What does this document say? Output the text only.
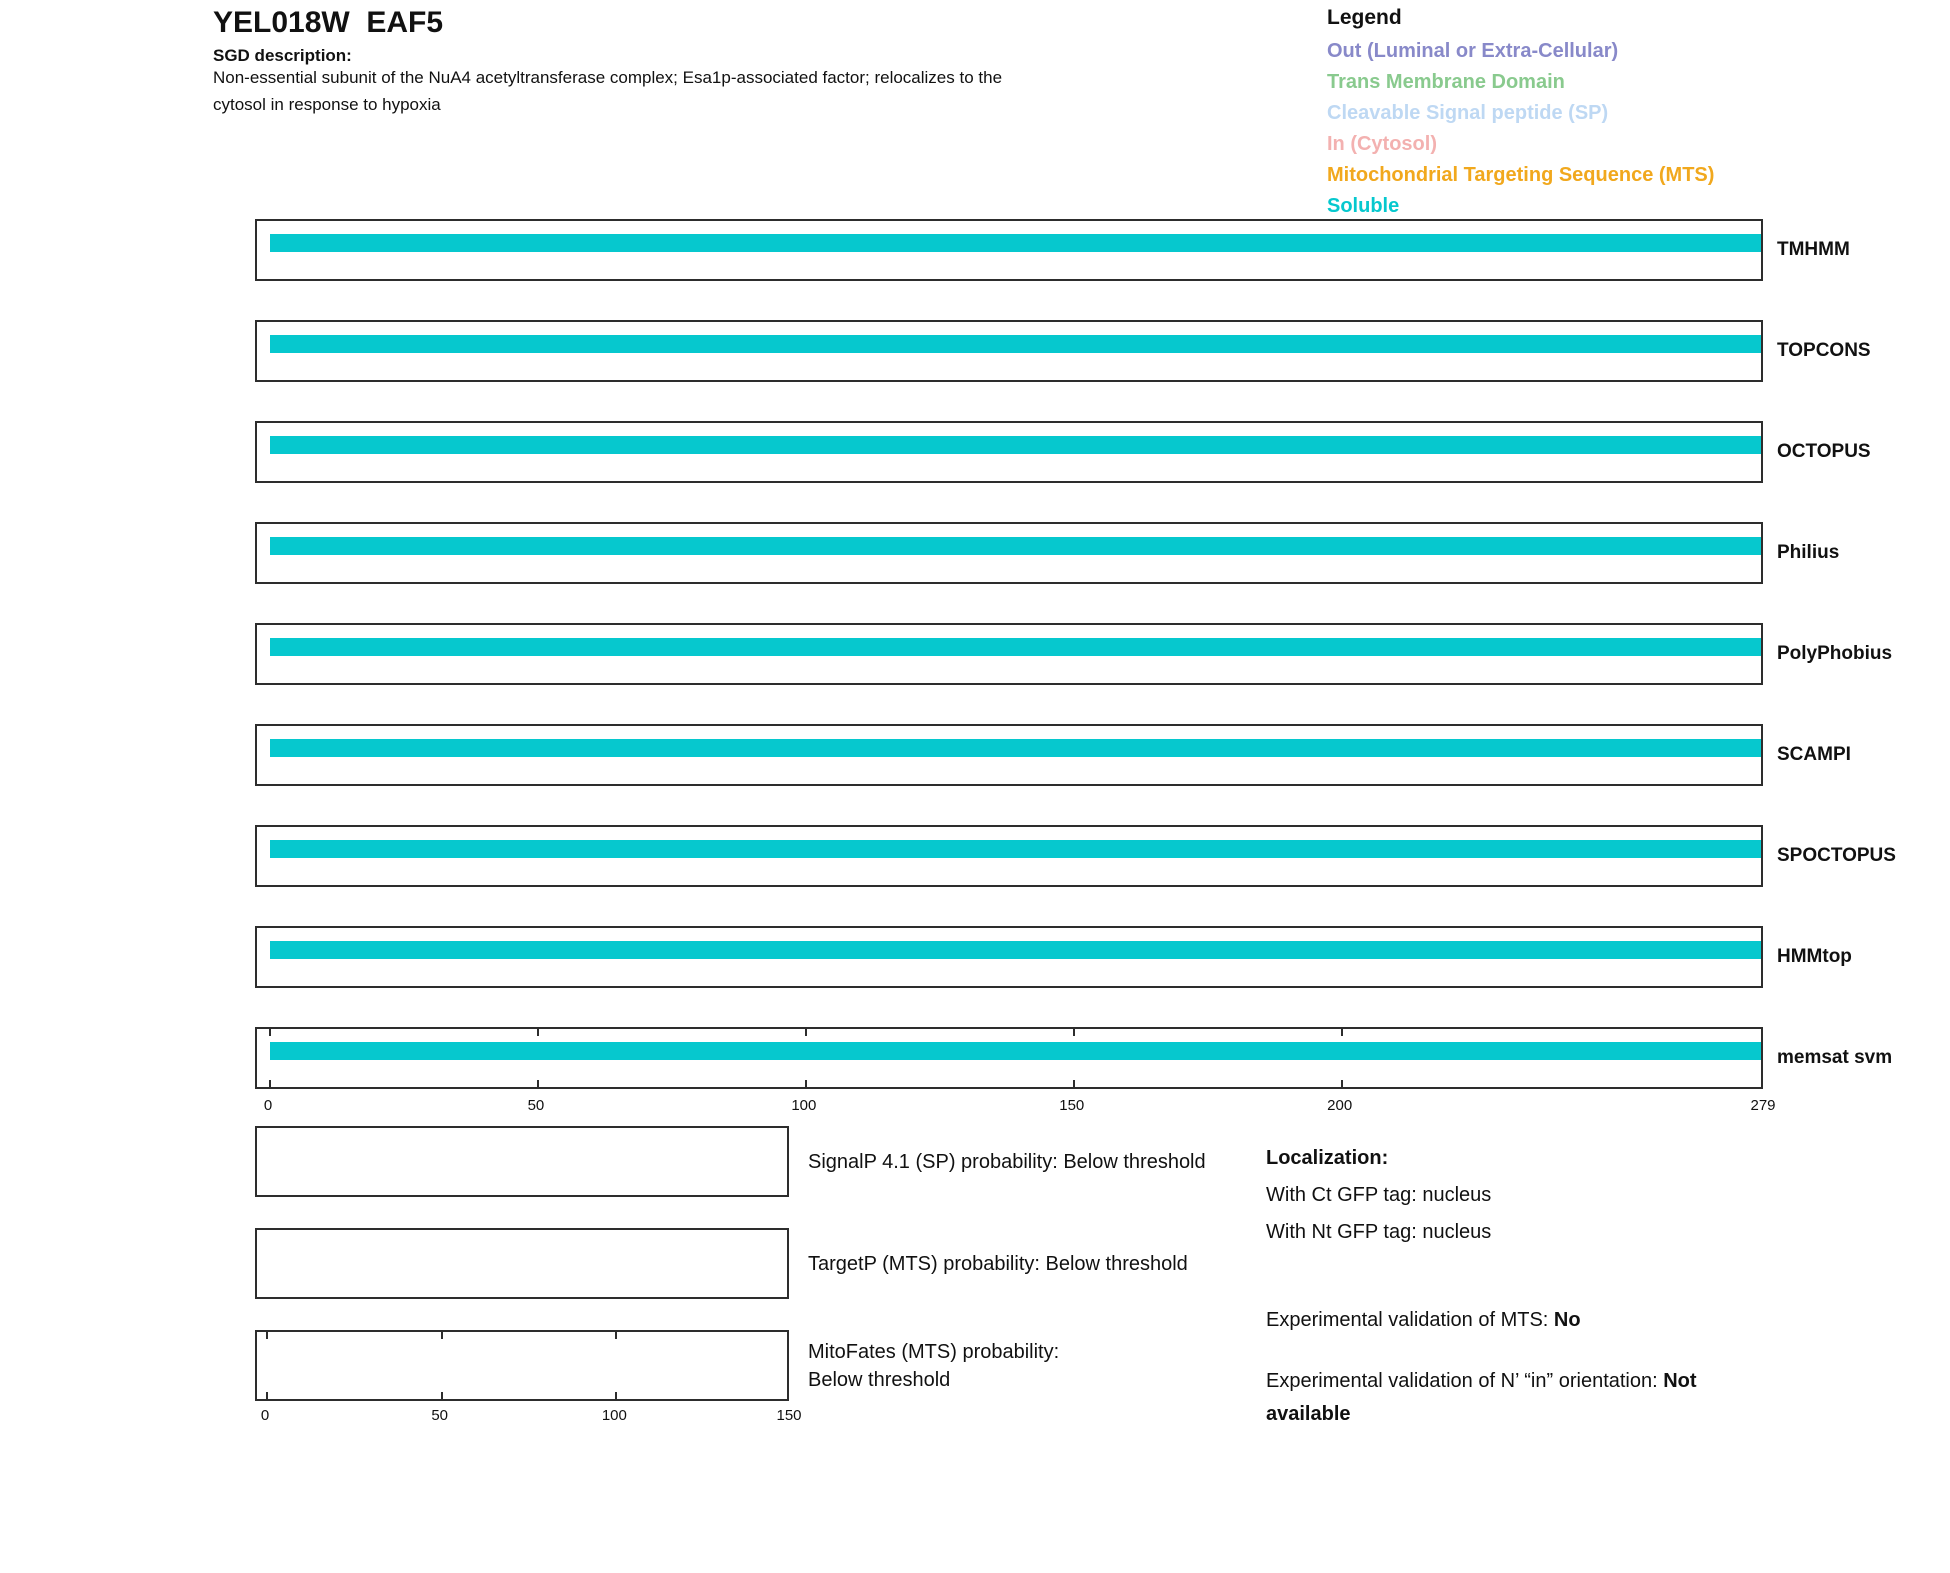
YEL018W  EAF5
SGD description:
Non-essential subunit of the NuA4 acetyltransferase complex; Esa1p-associated factor; relocalizes to the cytosol in response to hypoxia
Legend
Out (Luminal or Extra-Cellular)
Trans Membrane Domain
Cleavable Signal peptide (SP)
In (Cytosol)
Mitochondrial Targeting Sequence (MTS)
Soluble
TMHMM
TOPCONS
OCTOPUS
Philius
PolyPhobius
SCAMPI
SPOCTOPUS
HMMtop
memsat svm
0	50	100	150	200	279
SignalP 4.1 (SP) probability: Below threshold
TargetP (MTS) probability: Below threshold
MitoFates (MTS) probability: Below threshold
0	50	100	150
Localization:
With Ct GFP tag: nucleus
With Nt GFP tag: nucleus
Experimental validation of MTS: No
Experimental validation of N’ “in” orientation: Not available
